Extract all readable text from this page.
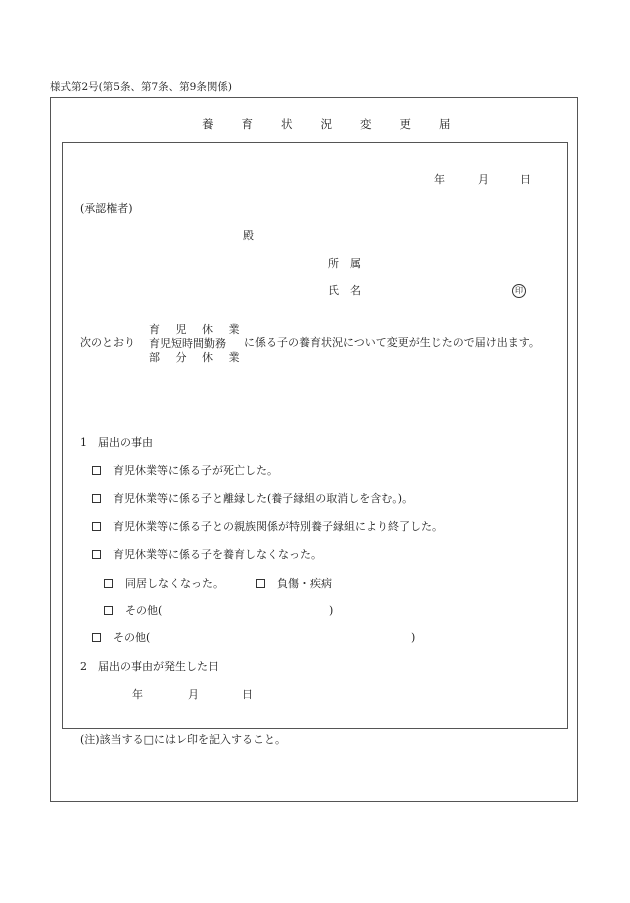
様式第2号(第5条、第7条、第9条関係)
養 育 状 況 変 更 届
年	月	日
(承認権者)
殿
所　属
氏　名	印
次のとおり
育 児 休 業
育児短時間勤務
部 分 休 業
に係る子の養育状況について変更が生じたので届け出ます。
1　届出の事由
育児休業等に係る子が死亡した。
育児休業等に係る子と離縁した(養子縁組の取消しを含む。)。
育児休業等に係る子との親族関係が特別養子縁組により終了した。
育児休業等に係る子を養育しなくなった。
同居しなくなった。	負傷・疾病
その他(	)
その他(	)
2　届出の事由が発生した日
年	月	日
(注)該当する□にはレ印を記入すること。
